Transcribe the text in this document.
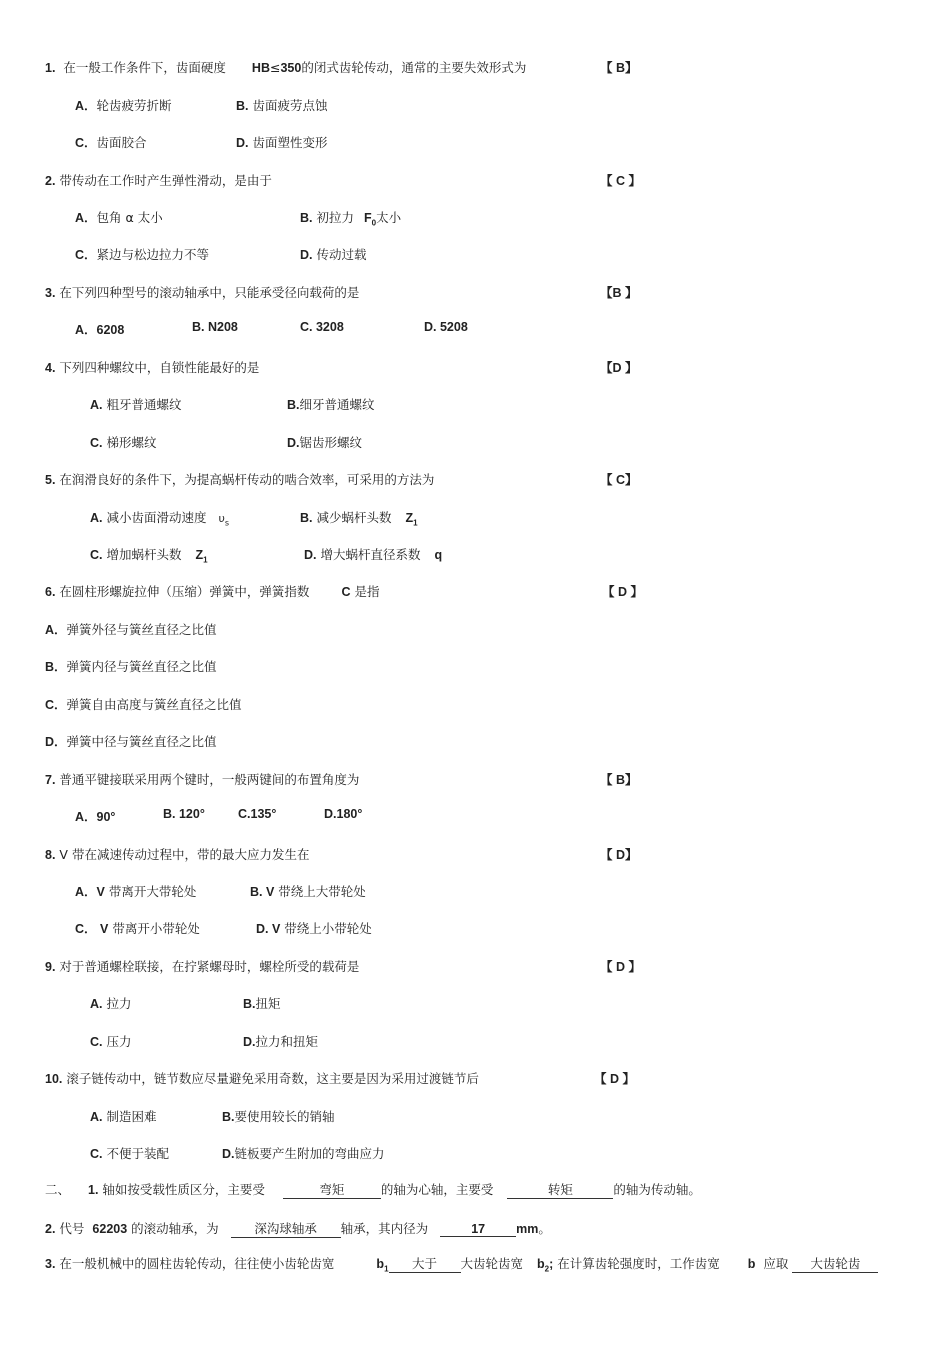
1. 在一般工作条件下，齿面硬度 HB≤350的闭式齿轮传动，通常的主要失效形式为	【 B】
A．轮齿疲劳折断	B. 齿面疲劳点蚀
C．齿面胶合	D. 齿面塑性变形
2. 带传动在工作时产生弹性滑动，是由于	【 C 】
A．包角 α 太小	B. 初拉力 $F_0$太小
C．紧边与松边拉力不等	D. 传动过载
3. 在下列四种型号的滚动轴承中，只能承受径向载荷的是	【B 】
A．6208	B. N208	C. 3208	D. 5208
4. 下列四种螺纹中，自锁性能最好的是	【D 】
A. 粗牙普通螺纹	B.细牙普通螺纹
C. 梯形螺纹	D.锯齿形螺纹
5. 在润滑良好的条件下，为提高蜗杆传动的啮合效率，可采用的方法为	【 C】
A. 减小齿面滑动速度 $\upsilon_s$	B. 减少蜗杆头数 $Z_1$
C. 增加蜗杆头数 $Z_1$	D. 增大蜗杆直径系数 q
6. 在圆柱形螺旋拉伸（压缩）弹簧中，弹簧指数	C 是指	【 D 】
A．弹簧外径与簧丝直径之比值
B．弹簧内径与簧丝直径之比值
C．弹簧自由高度与簧丝直径之比值
D．弹簧中径与簧丝直径之比值
7. 普通平键接联采用两个键时，一般两键间的布置角度为	【 B】
A．90°	B. 120°	C.135°	D.180°
8. V 带在减速传动过程中，带的最大应力发生在	【 D】
A．V 带离开大带轮处	B. V 带绕上大带轮处
C． V 带离开小带轮处	D. V 带绕上小带轮处
9. 对于普通螺栓联接，在拧紧螺母时，螺栓所受的载荷是	【 D 】
A. 拉力	B.扭矩
C. 压力	D.拉力和扭矩
10. 滚子链传动中，链节数应尽量避免采用奇数，这主要是因为采用过渡链节后	【 D 】
A. 制造困难	B.要使用较长的销轴
C. 不便于装配	D.链板要产生附加的弯曲应力
二、 1. 轴如按受载性质区分，主要受	弯矩	的轴为心轴，主要受	转矩	的轴为传动轴。
2. 代号 62203 的滚动轴承，为	深沟球轴承 轴承，其内径为	17 mm。
3. 在一般机械中的圆柱齿轮传动，往往使小齿轮齿宽	$b_1$ 大于 大齿轮齿宽 $b_2$; 在计算齿轮强度时，工作齿宽 b 应取 大齿轮齿
